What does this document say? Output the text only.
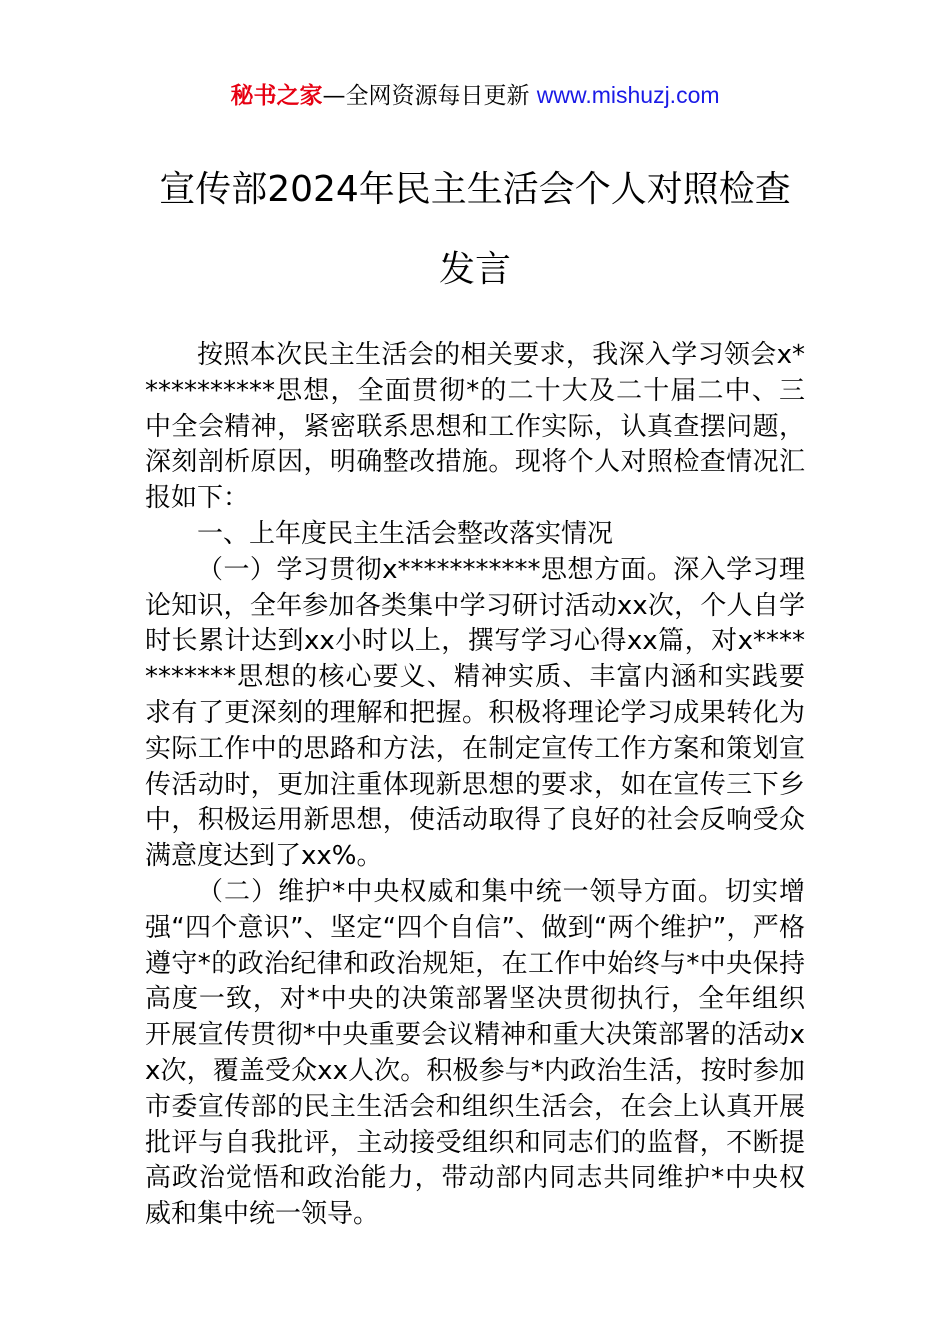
秘书之家—全网资源每日更新 www.mishuzj.com
宣传部2024年民主生活会个人对照检查
发言

按照本次民主生活会的相关要求，我深入学习领会x***********思想，全面贯彻*的二十大及二十届二中、三中全会精神，紧密联系思想和工作实际，认真查摆问题，深刻剖析原因，明确整改措施。现将个人对照检查情况汇报如下：

一、上年度民主生活会整改落实情况

（一）学习贯彻x***********思想方面。深入学习理论知识，全年参加各类集中学习研讨活动xx次，个人自学时长累计达到xx小时以上，撰写学习心得xx篇，对x***********思想的核心要义、精神实质、丰富内涵和实践要求有了更深刻的理解和把握。积极将理论学习成果转化为实际工作中的思路和方法，在制定宣传工作方案和策划宣传活动时，更加注重体现新思想的要求，如在宣传三下乡中，积极运用新思想，使活动取得了良好的社会反响受众满意度达到了xx%。

（二）维护*中央权威和集中统一领导方面。切实增强“四个意识”、坚定“四个自信”、做到“两个维护”，严格遵守*的政治纪律和政治规矩，在工作中始终与*中央保持高度一致，对*中央的决策部署坚决贯彻执行，全年组织开展宣传贯彻*中央重要会议精神和重大决策部署的活动xx次，覆盖受众xx人次。积极参与*内政治生活，按时参加市委宣传部的民主生活会和组织生活会，在会上认真开展批评与自我批评，主动接受组织和同志们的监督，不断提高政治觉悟和政治能力，带动部内同志共同维护*中央权威和集中统一领导。
